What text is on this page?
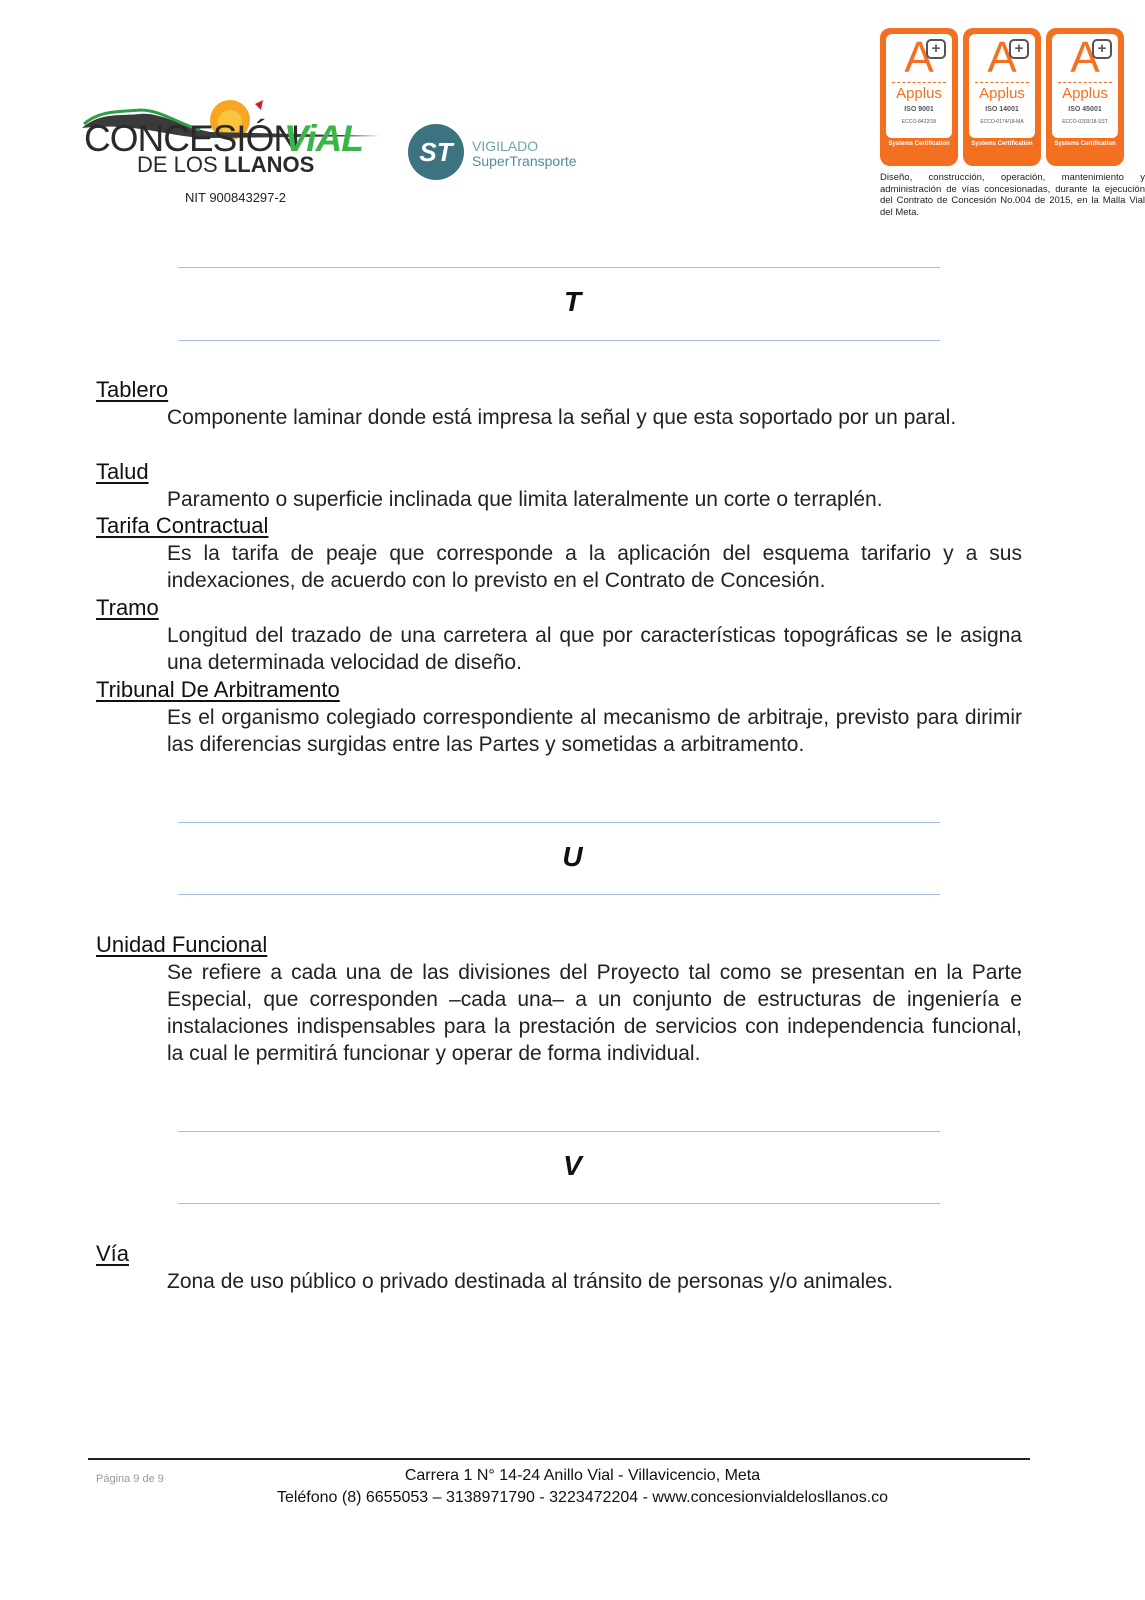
CONCESIÓN
ViAL
DE LOS LLANOS
NIT 900843297-2
ST	VIGILADO
SuperTransporte
A
+
Applus
ISO 9001
ECCO-8422/18
Systems Certification
A
+
Applus
ISO 14001
ECCO-0174/18-MA
Systems Certification
A
+
Applus
ISO 45001
ECCO-0203/18-SST
Systems Certification
Diseño, construcción, operación, mantenimiento y administración de vías concesionadas, durante la ejecución del Contrato de Concesión No.004 de 2015, en la Malla Vial del Meta.
T
Tablero
Componente laminar donde está impresa la señal y que esta soportado por un paral.
Talud
Paramento o superficie inclinada que limita lateralmente un corte o terraplén.
Tarifa Contractual
Es la tarifa de peaje que corresponde a la aplicación del esquema tarifario y a sus indexaciones, de acuerdo con lo previsto en el Contrato de Concesión.
Tramo
Longitud del trazado de una carretera al que por características topográficas se le asigna una determinada velocidad de diseño.
Tribunal De Arbitramento
Es el organismo colegiado correspondiente al mecanismo de arbitraje, previsto para dirimir las diferencias surgidas entre las Partes y sometidas a arbitramento.
U
Unidad Funcional
Se refiere a cada una de las divisiones del Proyecto tal como se presentan en la Parte Especial, que corresponden –cada una– a un conjunto de estructuras de ingeniería e instalaciones indispensables para la prestación de servicios con independencia funcional, la cual le permitirá funcionar y operar de forma individual.
V
Vía
Zona de uso público o privado destinada al tránsito de personas y/o animales.
Página 9 de 9	Carrera 1 N° 14-24 Anillo Vial - Villavicencio, Meta
Teléfono (8) 6655053 – 3138971790 - 3223472204 - www.concesionvialdelosllanos.co
